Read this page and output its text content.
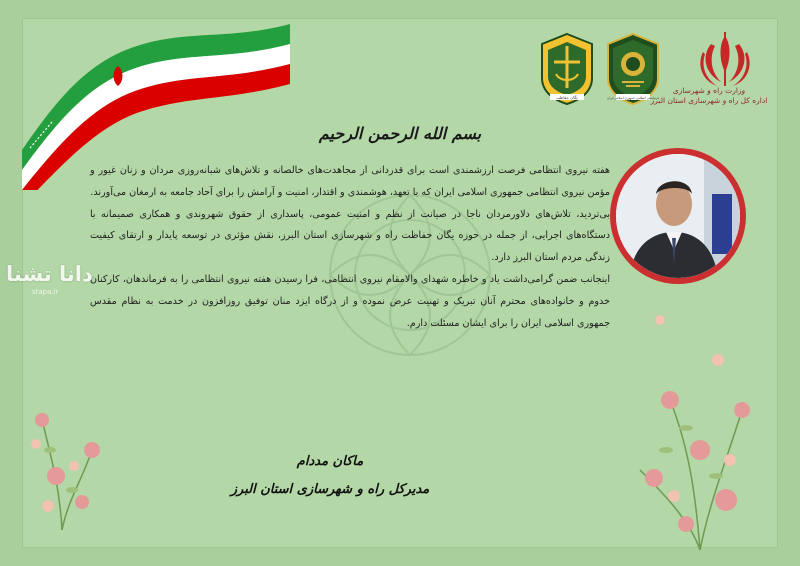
وزارت راه و شهرسازی
اداره کل راه و شهرسازی استان البرز
فرماندهی انتظامی جمهوری اسلامی ایران
یگان حفاظت
بسم الله الرحمن الرحیم

هفته نیروی انتظامی فرصت ارزشمندی است برای قدردانی از مجاهدت‌های خالصانه و تلاش‌های شبانه‌روزی مردان و زنان غیور و مؤمن نیروی انتظامی جمهوری اسلامی ایران که با تعهد، هوشمندی و اقتدار، امنیت و آرامش را برای آحاد جامعه به ارمغان می‌آورند.

بی‌تردید، تلاش‌های دلاورمردان ناجا در صیانت از نظم و امنیت عمومی، پاسداری از حقوق شهروندی و همکاری صمیمانه با دستگاه‌های اجرایی، از جمله در حوزه یگان حفاظت راه و شهرسازی استان البرز، نقش مؤثری در توسعه پایدار و ارتقای کیفیت زندگی مردم استان البرز دارد.

اینجانب ضمن گرامی‌داشت یاد و خاطره شهدای والامقام نیروی انتظامی، فرا رسیدن هفته نیروی انتظامی را به فرماندهان، کارکنان خدوم و خانواده‌های محترم آنان تبریک و تهنیت عرض نموده و از درگاه ایزد منان توفیق روزافزون در خدمت به نظام مقدس جمهوری اسلامی ایران را برای ایشان مسئلت دارم.

دانا تشنا
stapa.ir
ماکان مددام
مدیرکل راه و شهرسازی استان البرز
